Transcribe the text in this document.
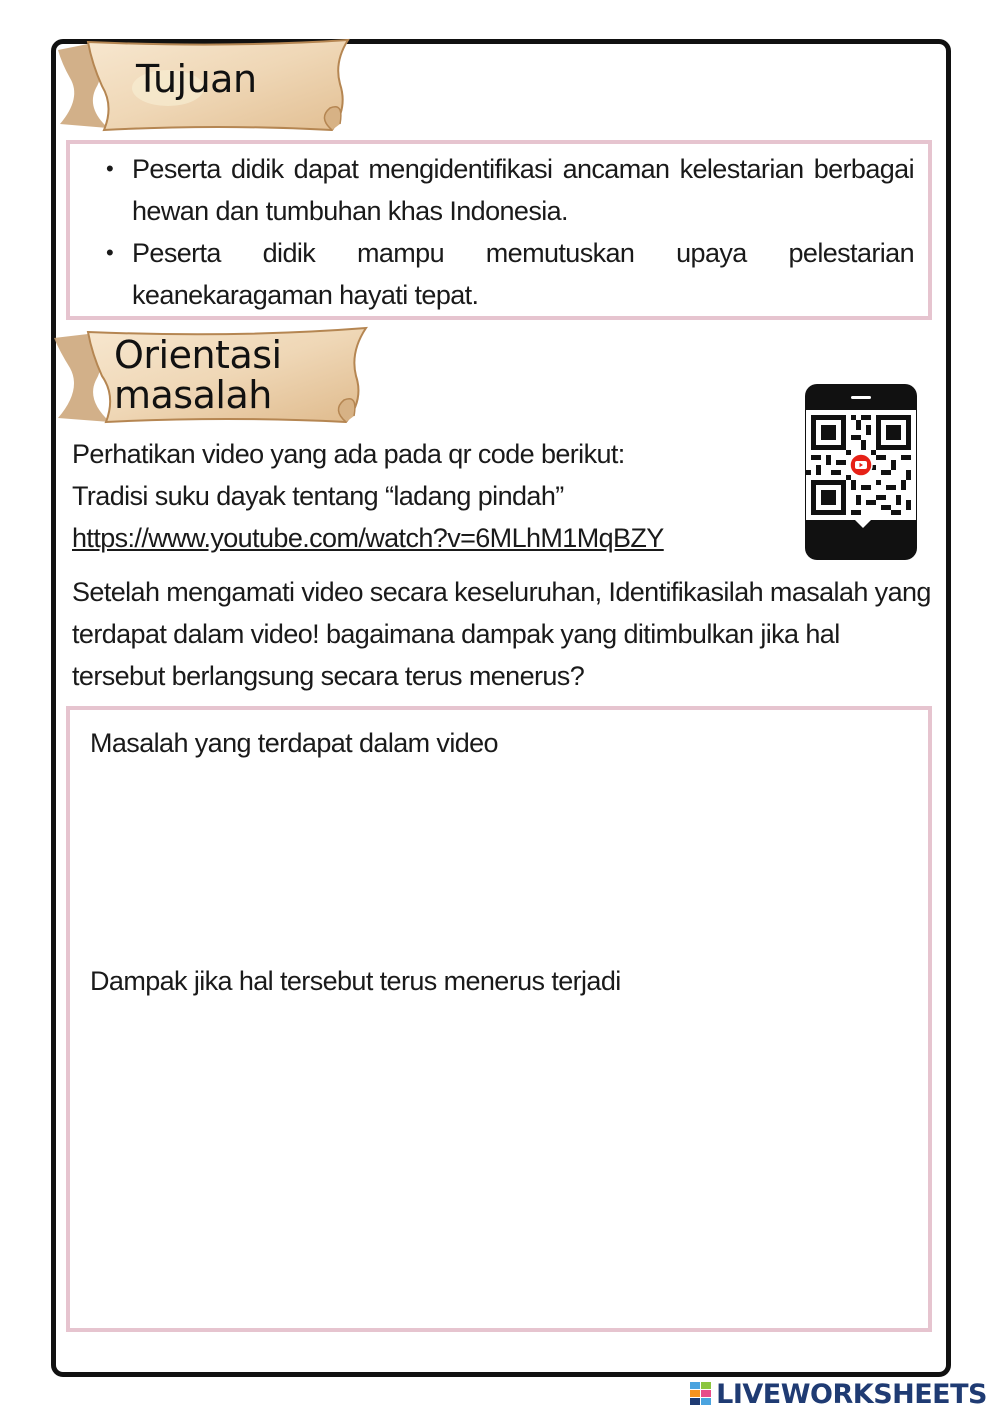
Tujuan
• Peserta didik dapat mengidentifikasi ancaman kelestarian berbagai hewan dan tumbuhan khas Indonesia.
• Peserta didik mampu memutuskan upaya pelestarian keanekaragaman hayati tepat.
Orientasi
masalah
Perhatikan video yang ada pada qr code berikut:
Tradisi suku dayak tentang “ladang pindah”
https://www.youtube.com/watch?v=6MLhM1MqBZY
Setelah mengamati video secara keseluruhan, Identifikasilah masalah yang terdapat dalam video! bagaimana dampak yang ditimbulkan jika hal tersebut berlangsung secara terus menerus?
Masalah yang terdapat dalam video
Dampak jika hal tersebut terus menerus terjadi
LIVEWORKSHEETS
